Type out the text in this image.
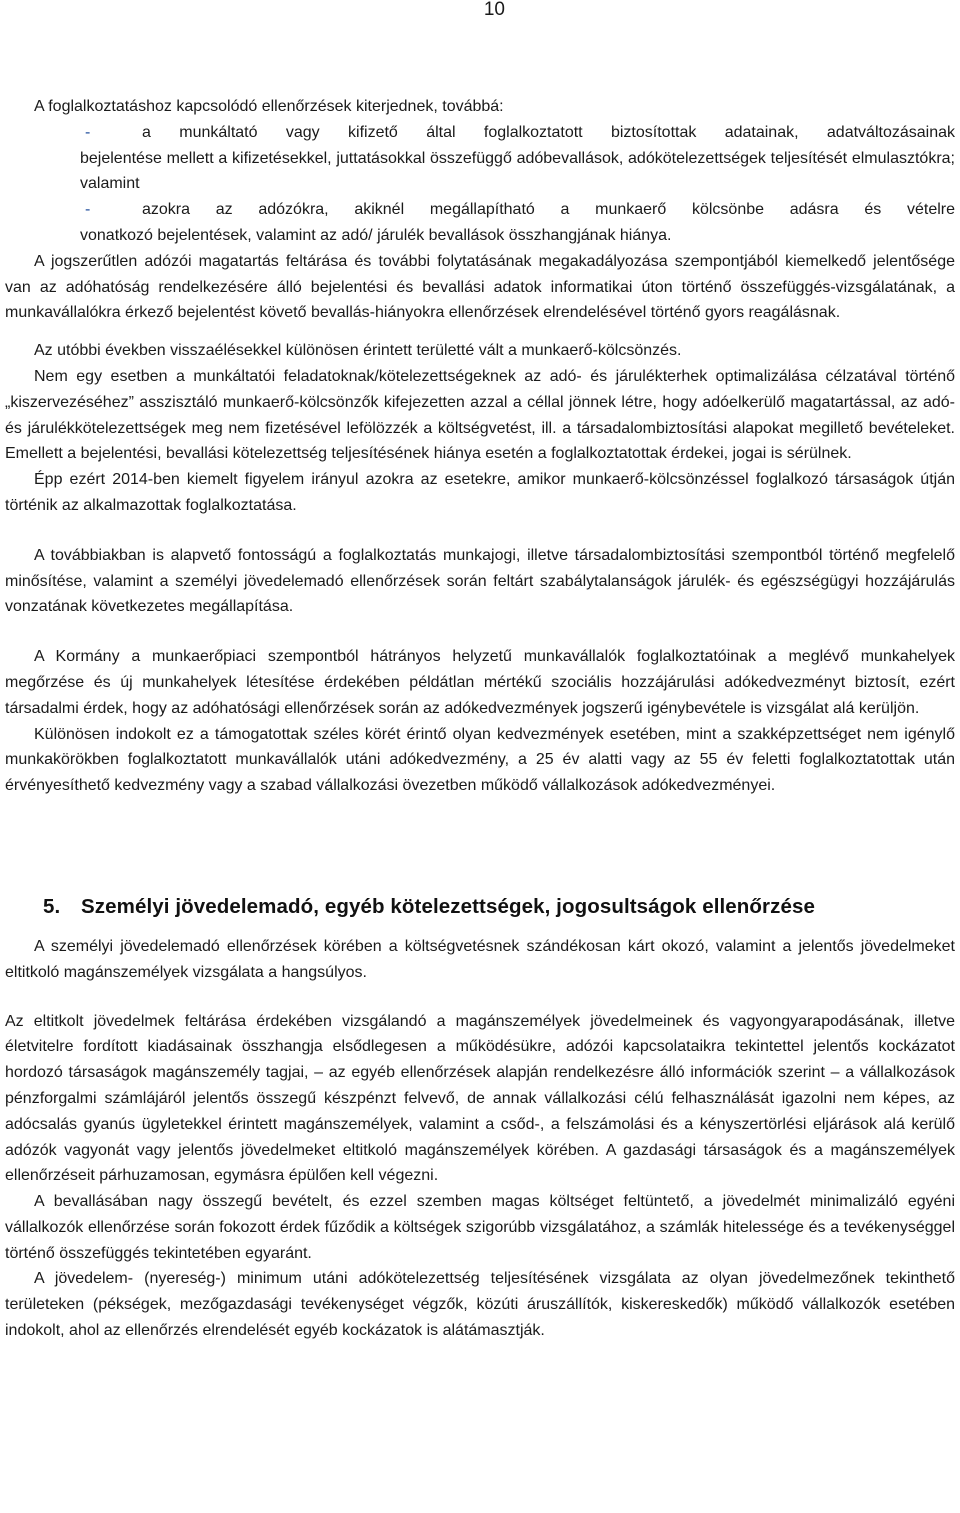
10

A foglalkoztatáshoz kapcsolódó ellenőrzések kiterjednek, továbbá:

-	a munkáltató vagy kifizető által foglalkoztatott biztosítottak adatainak, adatváltozásainak

bejelentése mellett a kifizetésekkel, juttatásokkal összefüggő adóbevallások, adókötelezettségek teljesítését elmulasztókra; valamint

-	azokra az adózókra, akiknél megállapítható a munkaerő kölcsönbe adásra és vételre

vonatkozó bejelentések, valamint az adó/ járulék bevallások összhangjának hiánya.

A jogszerűtlen adózói magatartás feltárása és további folytatásának megakadályozása szempontjából kiemelkedő jelentősége van az adóhatóság rendelkezésére álló bejelentési és bevallási adatok informatikai úton történő összefüggés-vizsgálatának, a munkavállalókra érkező bejelentést követő bevallás-hiányokra ellenőrzések elrendelésével történő gyors reagálásnak.

Az utóbbi években visszaélésekkel különösen érintett területté vált a munkaerő-kölcsönzés.

Nem egy esetben a munkáltatói feladatoknak/kötelezettségeknek az adó- és járulékterhek optimalizálása célzatával történő „kiszervezéséhez” asszisztáló munkaerő-kölcsönzők kifejezetten azzal a céllal jönnek létre, hogy adóelkerülő magatartással, az adó- és járulékkötelezettségek meg nem fizetésével lefölözzék a költségvetést, ill. a társadalombiztosítási alapokat megillető bevételeket. Emellett a bejelentési, bevallási kötelezettség teljesítésének hiánya esetén a foglalkoztatottak érdekei, jogai is sérülnek.

Épp ezért 2014-ben kiemelt figyelem irányul azokra az esetekre, amikor munkaerő-kölcsönzéssel foglalkozó társaságok útján történik az alkalmazottak foglalkoztatása.

A továbbiakban is alapvető fontosságú a foglalkoztatás munkajogi, illetve társadalombiztosítási szempontból történő megfelelő minősítése, valamint a személyi jövedelemadó ellenőrzések során feltárt szabálytalanságok járulék- és egészségügyi hozzájárulás vonzatának következetes megállapítása.

A Kormány a munkaerőpiaci szempontból hátrányos helyzetű munkavállalók foglalkoztatóinak a meglévő munkahelyek megőrzése és új munkahelyek létesítése érdekében példátlan mértékű szociális hozzájárulási adókedvezményt biztosít, ezért társadalmi érdek, hogy az adóhatósági ellenőrzések során az adókedvezmények jogszerű igénybevétele is vizsgálat alá kerüljön.

Különösen indokolt ez a támogatottak széles körét érintő olyan kedvezmények esetében, mint a szakképzettséget nem igénylő munkakörökben foglalkoztatott munkavállalók utáni adókedvezmény, a 25 év alatti vagy az 55 év feletti foglalkoztatottak után érvényesíthető kedvezmény vagy a szabad vállalkozási övezetben működő vállalkozások adókedvezményei.

5. Személyi jövedelemadó, egyéb kötelezettségek, jogosultságok ellenőrzése

A személyi jövedelemadó ellenőrzések körében a költségvetésnek szándékosan kárt okozó, valamint a jelentős jövedelmeket eltitkoló magánszemélyek vizsgálata a hangsúlyos.

Az eltitkolt jövedelmek feltárása érdekében vizsgálandó a magánszemélyek jövedelmeinek és vagyongyarapodásának, illetve életvitelre fordított kiadásainak összhangja elsődlegesen a működésükre, adózói kapcsolataikra tekintettel jelentős kockázatot hordozó társaságok magánszemély tagjai, – az egyéb ellenőrzések alapján rendelkezésre álló információk szerint – a vállalkozások pénzforgalmi számlájáról jelentős összegű készpénzt felvevő, de annak vállalkozási célú felhasználását igazolni nem képes, az adócsalás gyanús ügyletekkel érintett magánszemélyek, valamint a csőd-, a felszámolási és a kényszertörlési eljárások alá kerülő adózók vagyonát vagy jelentős jövedelmeket eltitkoló magánszemélyek körében. A gazdasági társaságok és a magánszemélyek ellenőrzéseit párhuzamosan, egymásra épülően kell végezni.

A bevallásában nagy összegű bevételt, és ezzel szemben magas költséget feltüntető, a jövedelmét minimalizáló egyéni vállalkozók ellenőrzése során fokozott érdek fűződik a költségek szigorúbb vizsgálatához, a számlák hitelessége és a tevékenységgel történő összefüggés tekintetében egyaránt.

A jövedelem- (nyereség-) minimum utáni adókötelezettség teljesítésének vizsgálata az olyan jövedelmezőnek tekinthető területeken (pékségek, mezőgazdasági tevékenységet végzők, közúti áruszállítók, kiskereskedők) működő vállalkozók esetében indokolt, ahol az ellenőrzés elrendelését egyéb kockázatok is alátámasztják.
